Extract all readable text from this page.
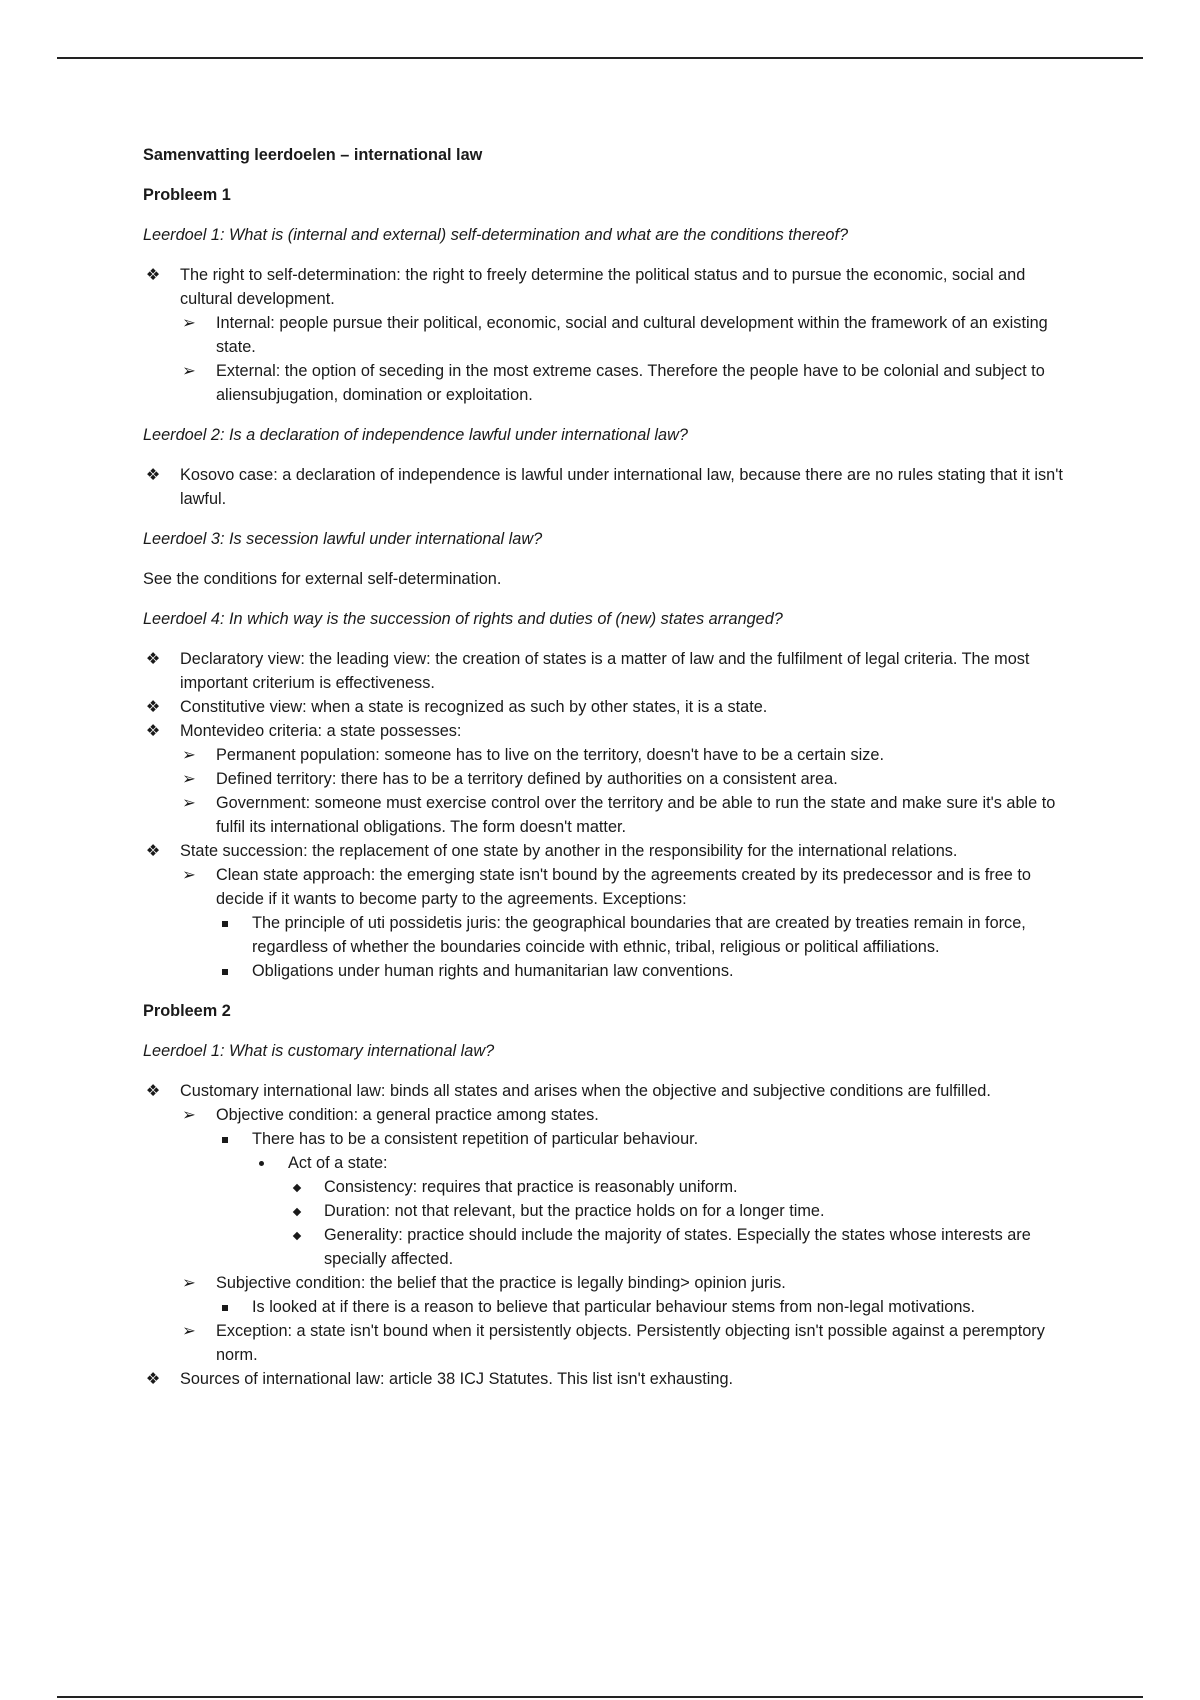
Samenvatting leerdoelen – international law

Probleem 1

Leerdoel 1: What is (internal and external) self-determination and what are the conditions thereof?

❖ The right to self-determination: the right to freely determine the political status and to pursue the economic, social and cultural development.
➢ Internal: people pursue their political, economic, social and cultural development within the framework of an existing state.
➢ External: the option of seceding in the most extreme cases. Therefore the people have to be colonial and subject to aliensubjugation, domination or exploitation.

Leerdoel 2: Is a declaration of independence lawful under international law?

❖ Kosovo case: a declaration of independence is lawful under international law, because there are no rules stating that it isn't lawful.

Leerdoel 3: Is secession lawful under international law?

See the conditions for external self-determination.

Leerdoel 4: In which way is the succession of rights and duties of (new) states arranged?

❖ Declaratory view: the leading view: the creation of states is a matter of law and the fulfilment of legal criteria. The most important criterium is effectiveness.
❖ Constitutive view: when a state is recognized as such by other states, it is a state.
❖ Montevideo criteria: a state possesses:
➢ Permanent population: someone has to live on the territory, doesn't have to be a certain size.
➢ Defined territory: there has to be a territory defined by authorities on a consistent area.
➢ Government: someone must exercise control over the territory and be able to run the state and make sure it's able to fulfil its international obligations. The form doesn't matter.
❖ State succession: the replacement of one state by another in the responsibility for the international relations.
➢ Clean state approach: the emerging state isn't bound by the agreements created by its predecessor and is free to decide if it wants to become party to the agreements. Exceptions:
The principle of uti possidetis juris: the geographical boundaries that are created by treaties remain in force, regardless of whether the boundaries coincide with ethnic, tribal, religious or political affiliations.
Obligations under human rights and humanitarian law conventions.

Probleem 2

Leerdoel 1: What is customary international law?

❖ Customary international law: binds all states and arises when the objective and subjective conditions are fulfilled.
➢ Objective condition: a general practice among states.
There has to be a consistent repetition of particular behaviour.
Act of a state:
Consistency: requires that practice is reasonably uniform.
Duration: not that relevant, but the practice holds on for a longer time.
Generality: practice should include the majority of states. Especially the states whose interests are specially affected.
➢ Subjective condition: the belief that the practice is legally binding> opinion juris.
Is looked at if there is a reason to believe that particular behaviour stems from non-legal motivations.
➢ Exception: a state isn't bound when it persistently objects. Persistently objecting isn't possible against a peremptory norm.
❖ Sources of international law: article 38 ICJ Statutes. This list isn't exhausting.
